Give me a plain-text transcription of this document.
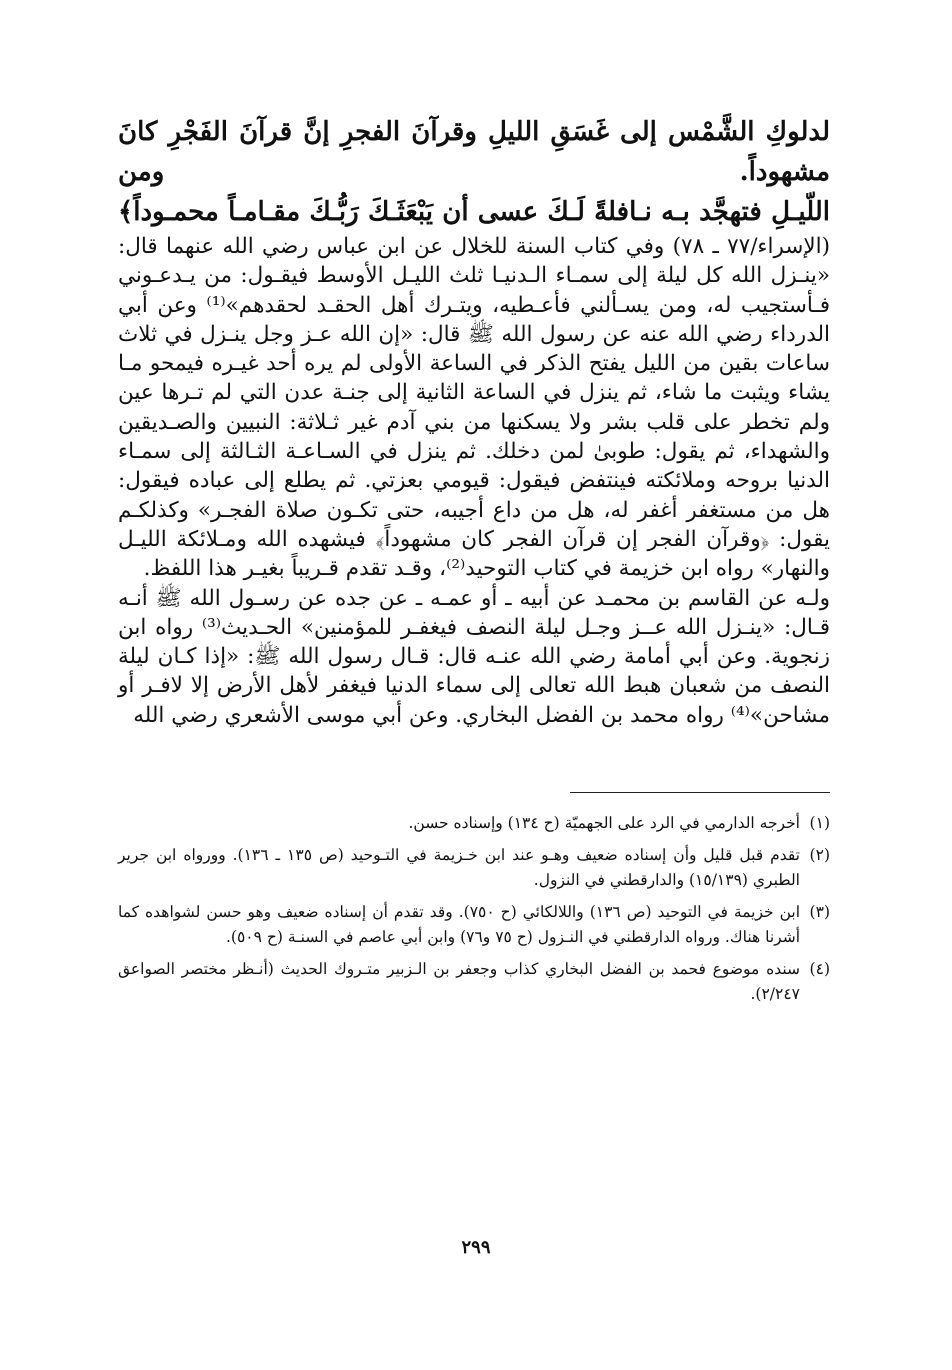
لدلوكِ الشَّمْس إلى غَسَقِ الليلِ وقرآنَ الفجرِ إنَّ قرآنَ الفَجْرِ كانَ مشهوداً. ومن
اللّيـلِ فتهجَّد بـه نـافلةً لَـكَ عسى أن يَبْعَثَـكَ رَبُّـكَ مقـامـاً محمـوداً﴾

(الإسراء/٧٧ ـ ٧٨) وفي كتاب السنة للخلال عن ابن عباس رضي الله عنهما قال: «ينـزل الله كل ليلة إلى سمـاء الـدنيـا ثلث الليـل الأوسط فيقـول: من يـدعـوني فـأستجيب له، ومن يسـألني فأعـطيه، ويتـرك أهل الحقـد لحقدهم»⁽¹⁾ وعن أبي الدرداء رضي الله عنه عن رسول الله ﷺ قال: «إن الله عـز وجل ينـزل في ثلاث ساعات بقين من الليل يفتح الذكر في الساعة الأولى لم يره أحد غيـره فيمحو مـا يشاء ويثبت ما شاء، ثم ينزل في الساعة الثانية إلى جنـة عدن التي لم تـرها عين ولم تخطر على قلب بشر ولا يسكنها من بني آدم غير ثـلاثة: النبيين والصـديقين والشهداء، ثم يقول: طوبىٰ لمن دخلك. ثم ينزل في السـاعـة الثـالثة إلى سمـاء الدنيا بروحه وملائكته فينتفض فيقول: قيومي بعزتي. ثم يطلع إلى عباده فيقول: هل من مستغفر أغفر له، هل من داع أجيبه، حتى تكـون صلاة الفجـر» وكذلكـم يقول: ﴿وقرآن الفجر إن قرآن الفجر كان مشهوداً﴾ فيشهده الله ومـلائكة الليـل والنهار» رواه ابن خزيمة في كتاب التوحيد⁽²⁾، وقـد تقدم قـريباً بغيـر هذا اللفظ.

ولـه عن القاسم بن محمـد عن أبيه ـ أو عمـه ـ عن جده عن رسـول الله ﷺ أنـه قـال: «ينـزل الله عــز وجـل ليلة النصف فيغفـر للمؤمنين» الحـديث⁽³⁾ رواه ابن زنجوية. وعن أبي أمامة رضي الله عنـه قال: قـال رسول الله ﷺ: «إذا كـان ليلة النصف من شعبان هبط الله تعالى إلى سماء الدنيا فيغفر لأهل الأرض إلا لافـر أو مشاحن»⁽⁴⁾ رواه محمد بن الفضل البخاري. وعن أبي موسى الأشعري رضي الله

(١)
أخرجه الدارمي في الرد على الجهميّة (ح ١٣٤) وإسناده حسن.
(٢)
تقدم قبل قليل وأن إسناده ضعيف وهـو عند ابن خـزيمة في التـوحيد (ص ١٣٥ ـ ١٣٦). وورواه ابن جرير الطبري (١٥/١٣٩) والدارقطني في النزول.
(٣)
ابن خزيمة في التوحيد (ص ١٣٦) واللالكائي (ح ٧٥٠). وقد تقدم أن إسناده ضعيف وهو حسن لشواهده كما أشرنا هناك. ورواه الدارقطني في النـزول (ح ٧٥ و٧٦) وابن أبي عاصم في السنـة (ح ٥٠٩).
(٤)
سنده موضوع فحمد بن الفضل البخاري كذاب وجعفر بن الـزبير متـروك الحديث (أنـظر مختصر الصواعق ٢/٢٤٧).
٢٩٩
